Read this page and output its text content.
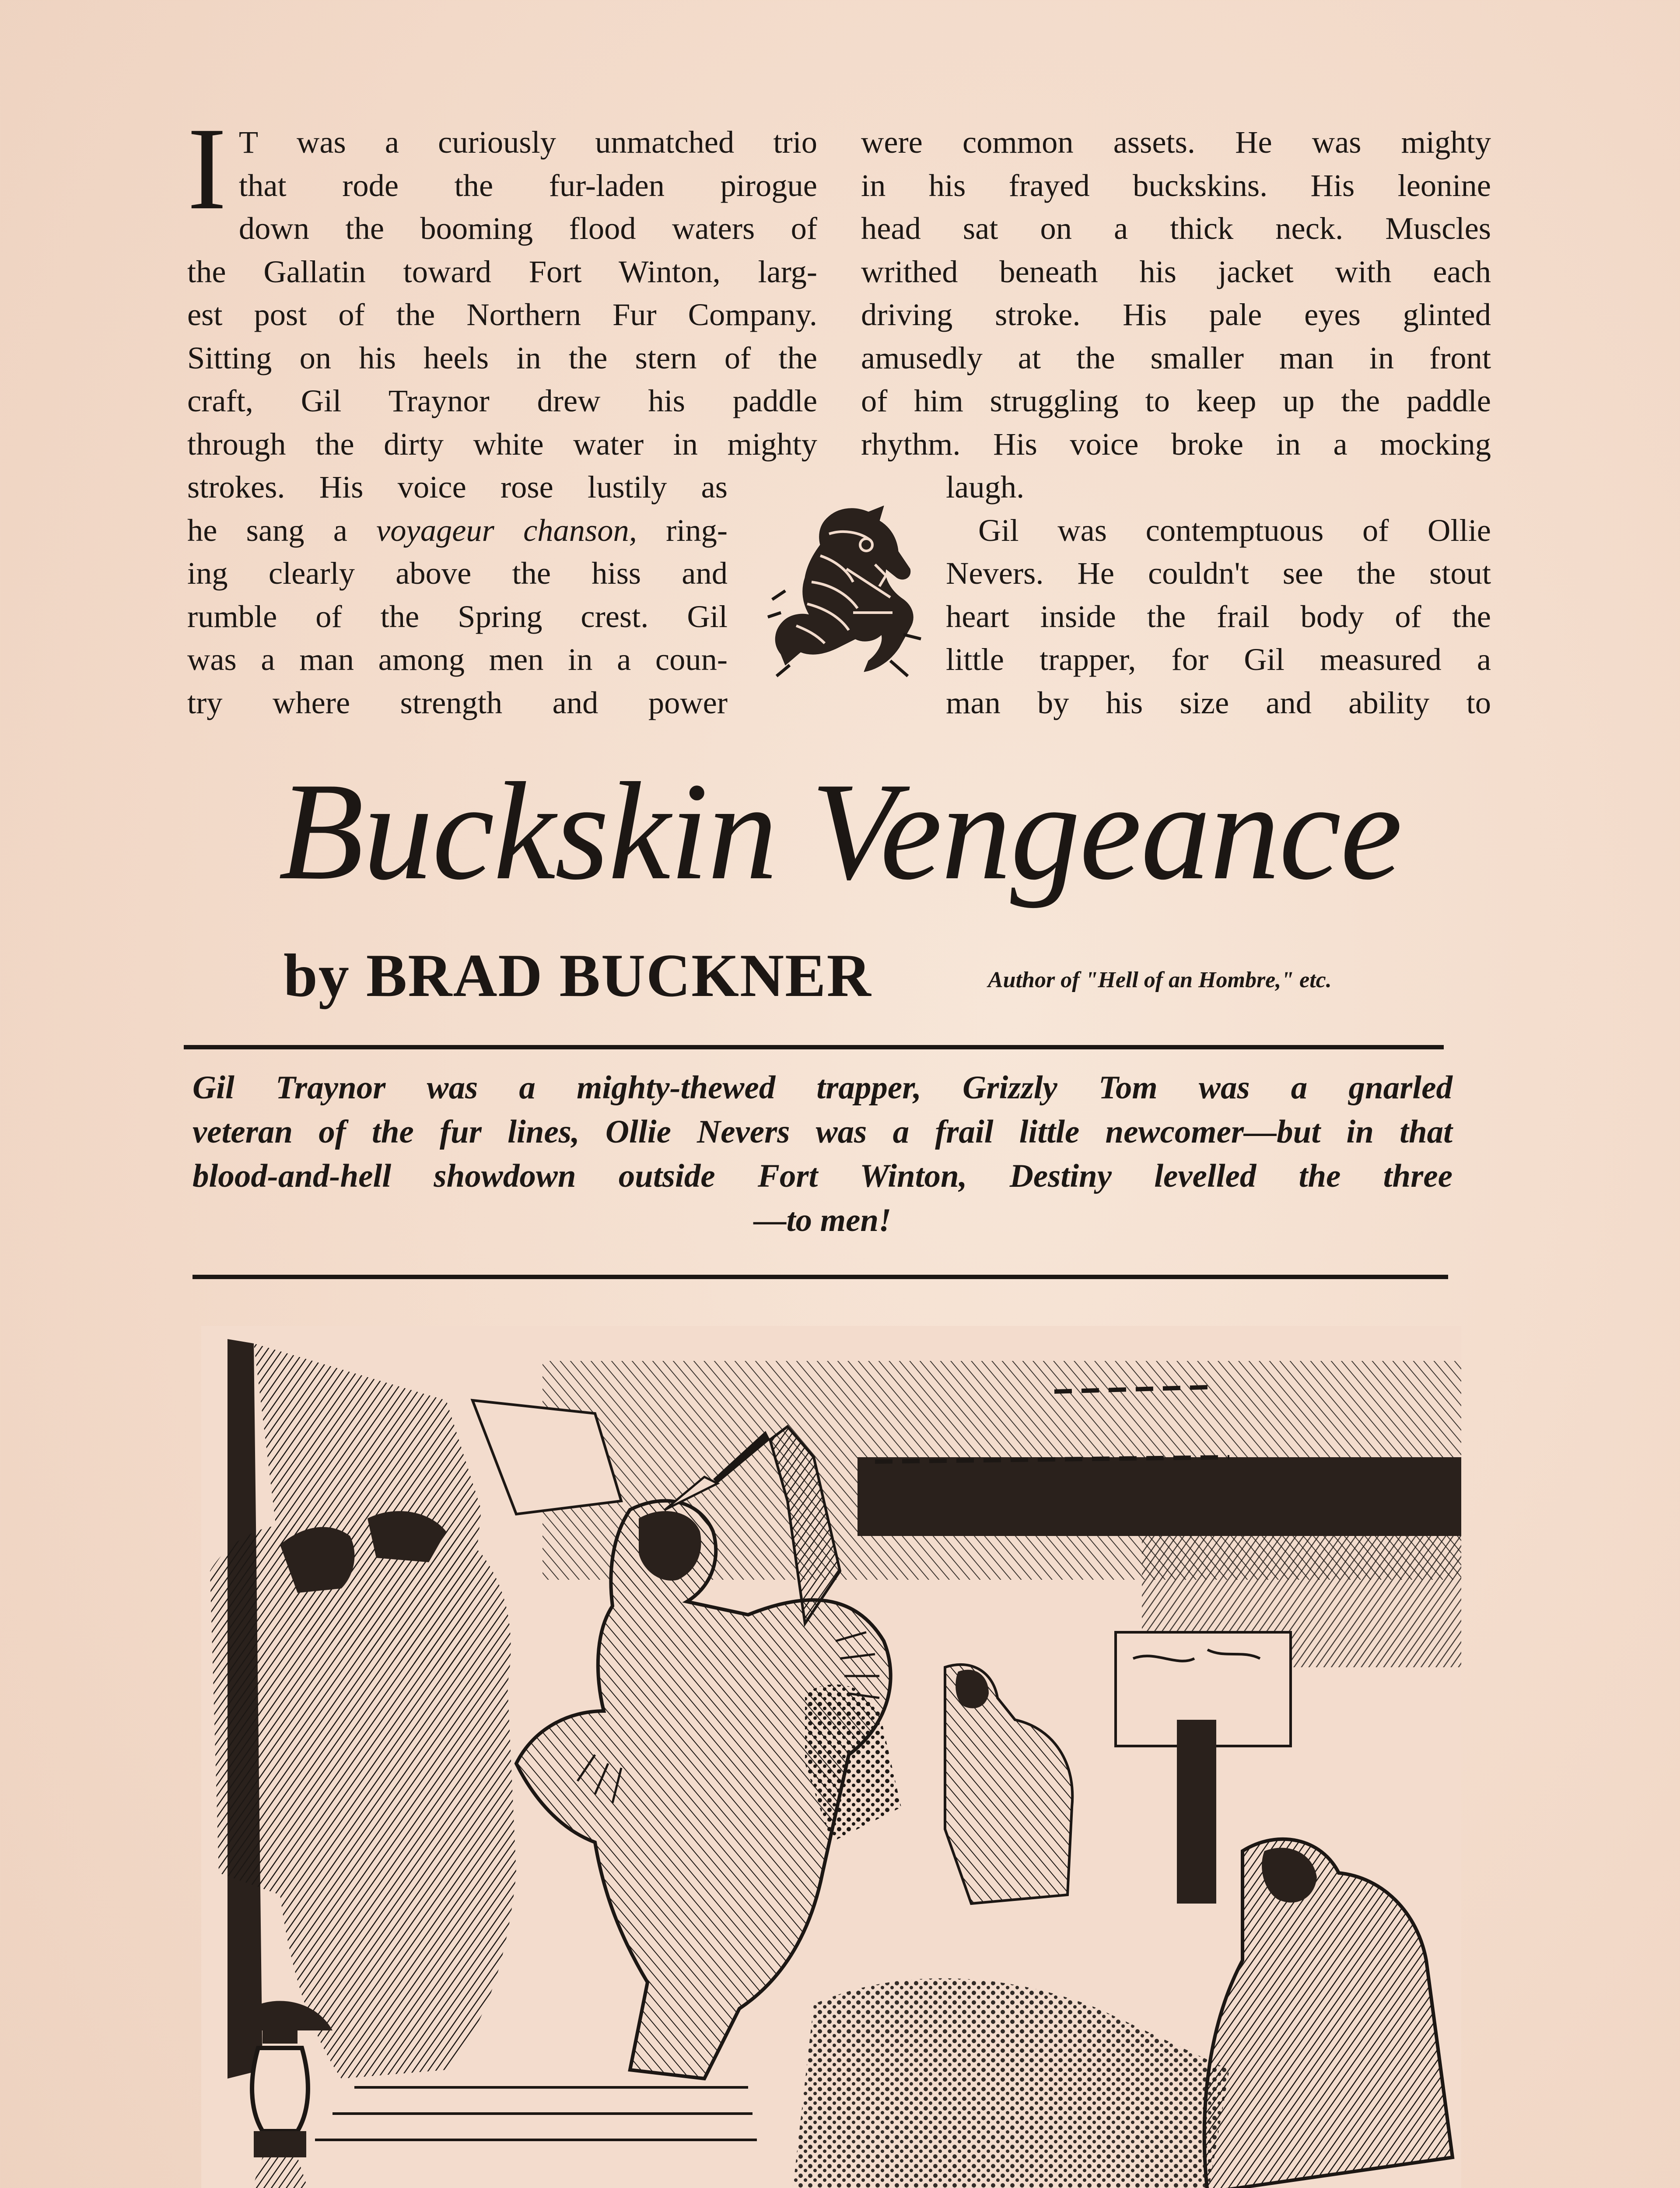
I T was a curiously unmatched trio
that rode the fur-laden pirogue
down the booming flood waters of
the Gallatin toward Fort Winton, larg-
est post of the Northern Fur Company.
Sitting on his heels in the stern of the
craft, Gil Traynor drew his paddle
through the dirty white water in mighty
strokes. His voice rose lustily as
he sang a voyageur chanson, ring-
ing clearly above the hiss and
rumble of the Spring crest. Gil
was a man among men in a coun-
try where strength and power
were common assets. He was mighty
in his frayed buckskins. His leonine
head sat on a thick neck. Muscles
writhed beneath his jacket with each
driving stroke. His pale eyes glinted
amusedly at the smaller man in front
of him struggling to keep up the paddle
rhythm. His voice broke in a mocking
laugh.
Gil was contemptuous of Ollie
Nevers. He couldn't see the stout
heart inside the frail body of the
little trapper, for Gil measured a
man by his size and ability to
Buckskin Vengeance
by BRAD BUCKNER	Author of "Hell of an Hombre," etc.
Gil Traynor was a mighty-thewed trapper, Grizzly Tom was a gnarled
veteran of the fur lines, Ollie Nevers was a frail little newcomer—but in that
blood-and-hell showdown outside Fort Winton, Destiny levelled the three
—to men!
